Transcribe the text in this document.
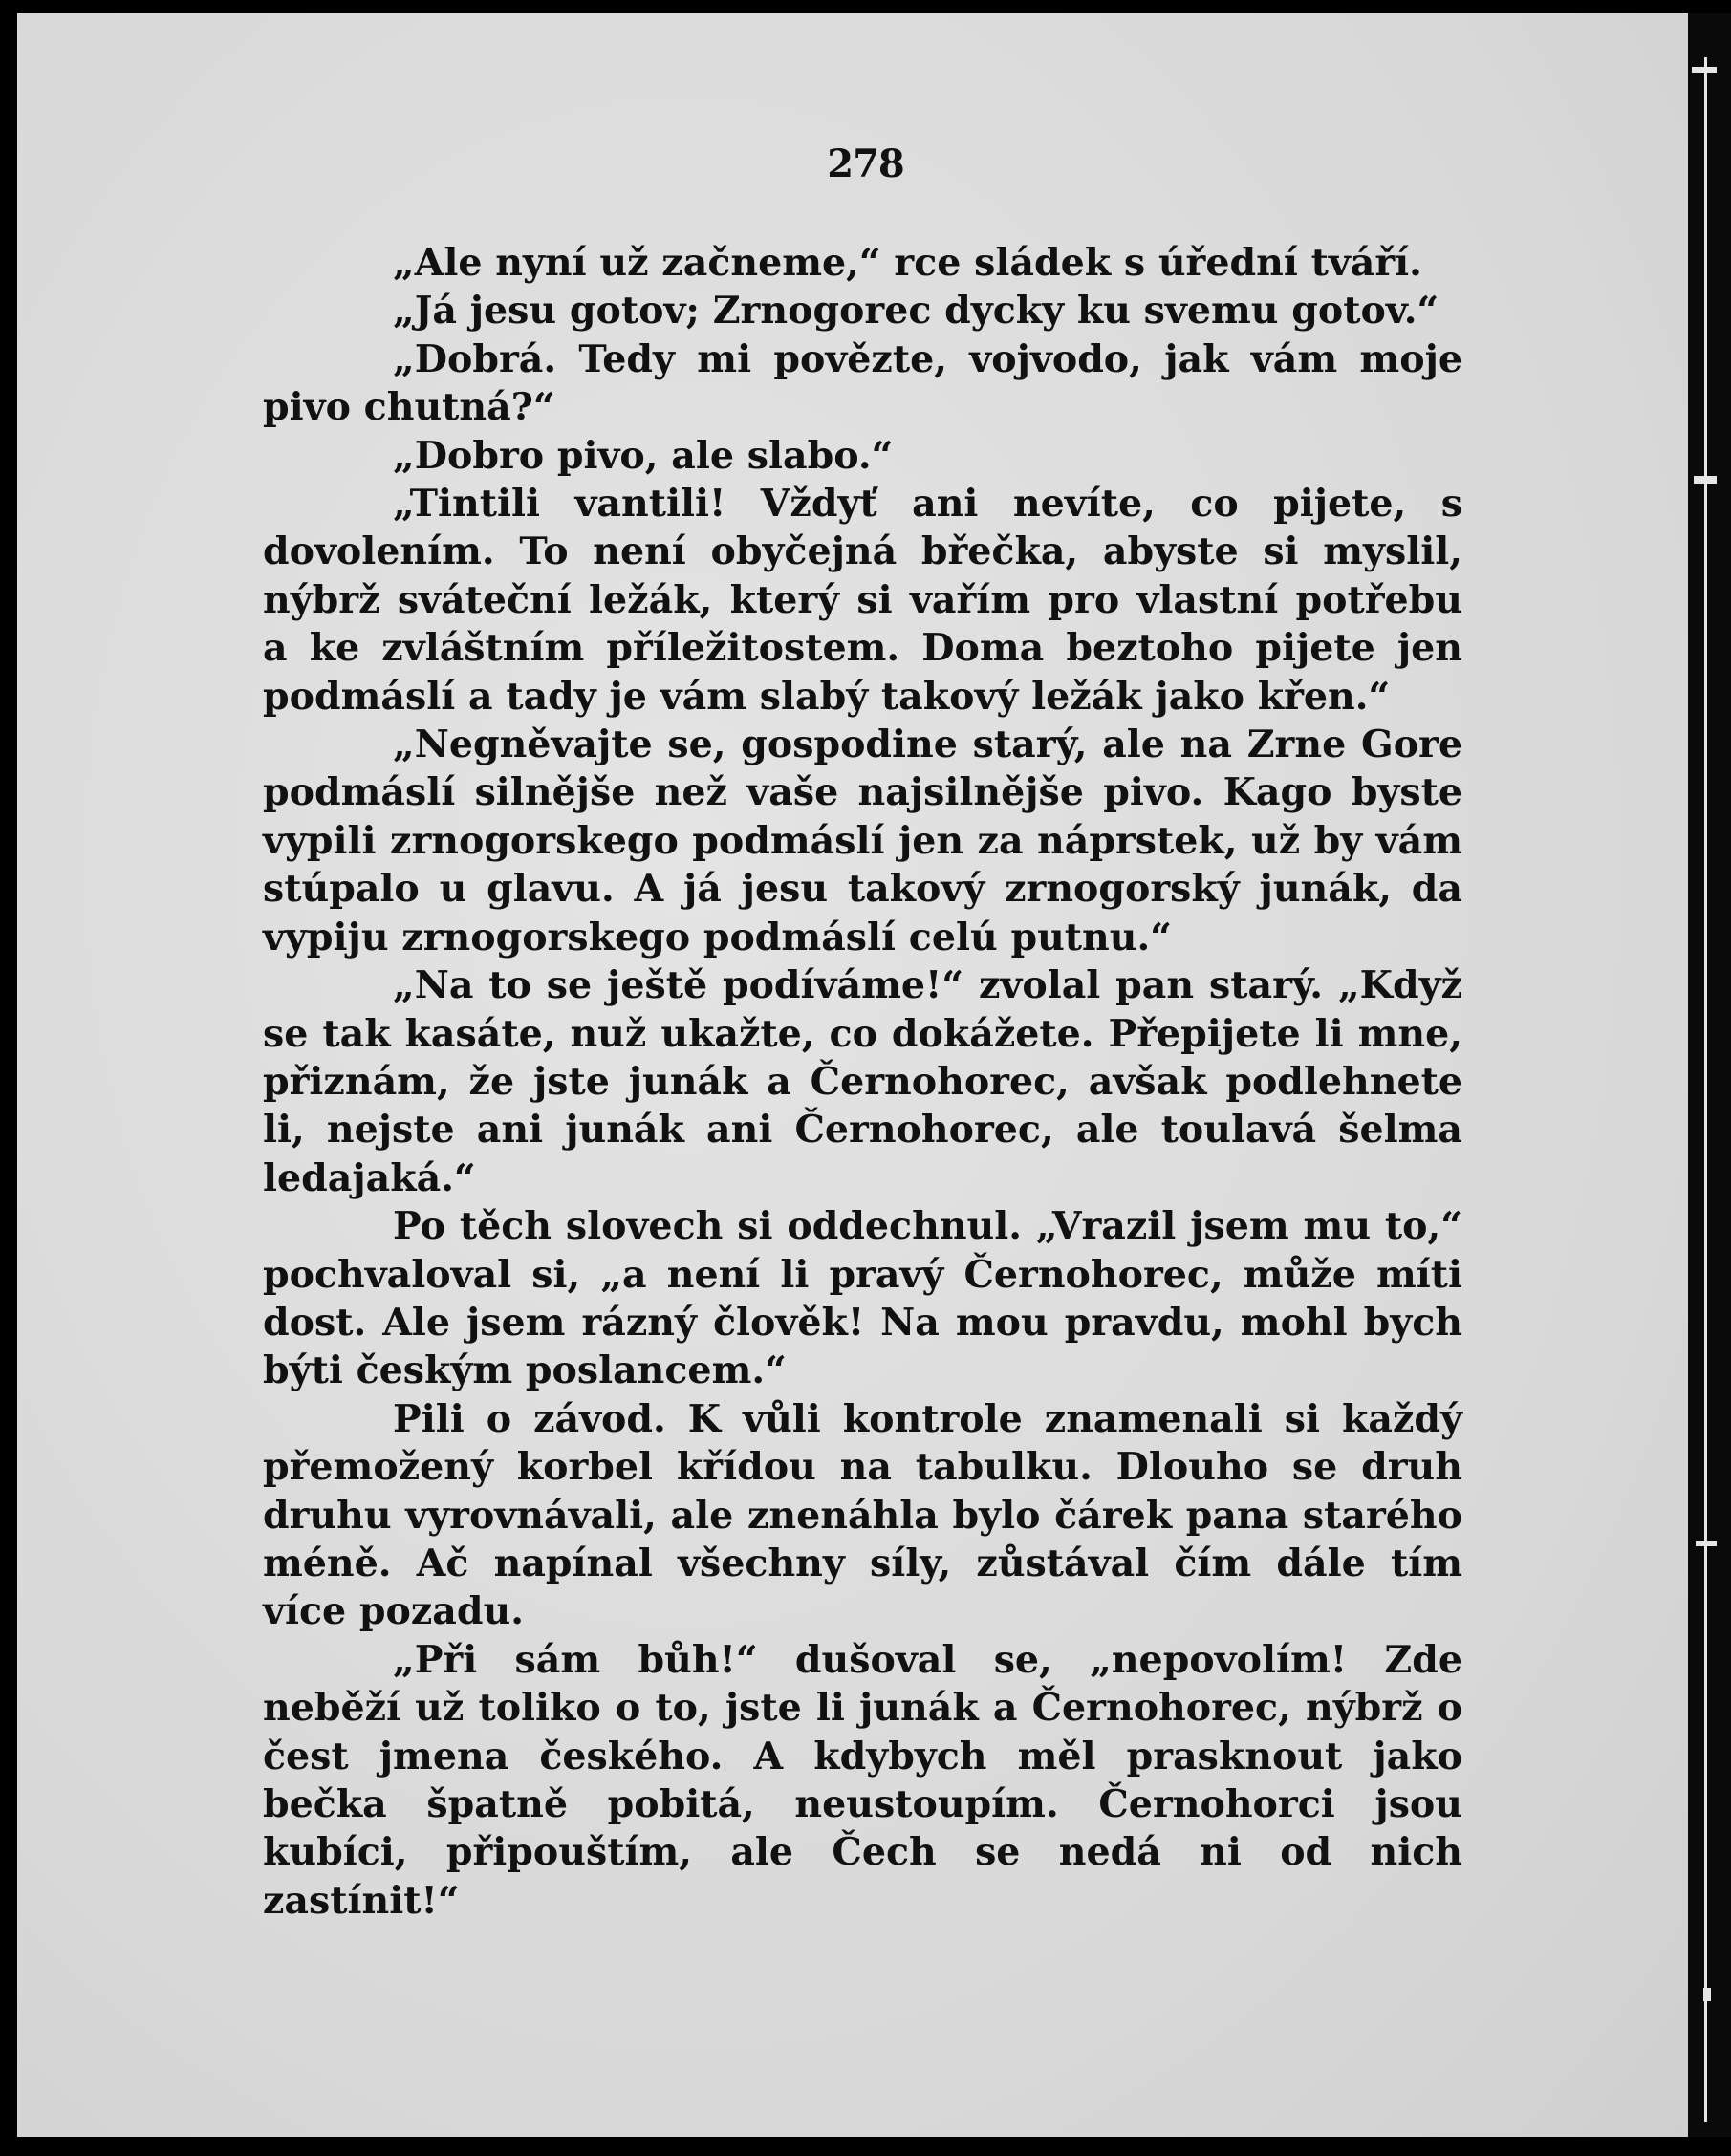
278

„Ale nyní už začneme,“ rce sládek s úřední tváří.

„Já jesu gotov; Zrnogorec dycky ku svemu gotov.“

„Dobrá. Tedy mi povězte, vojvodo, jak vám moje pivo chutná?“

„Dobro pivo, ale slabo.“

„Tintili vantili! Vždyť ani nevíte, co pijete, s dovolením. To není obyčejná břečka, abyste si myslil, nýbrž sváteční ležák, který si vařím pro vlastní potřebu a ke zvláštním příležitostem. Doma beztoho pijete jen podmáslí a tady je vám slabý takový ležák jako křen.“

„Negněvajte se, gospodine starý, ale na Zrne Gore podmáslí silnějše než vaše najsilnějše pivo. Kago byste vypili zrnogorskego podmáslí jen za náprstek, už by vám stúpalo u glavu. A já jesu takový zrnogorský junák, da vypiju zrnogorskego podmáslí celú putnu.“

„Na to se ještě podíváme!“ zvolal pan starý. „Když se tak kasáte, nuž ukažte, co dokážete. Přepijete li mne, přiznám, že jste junák a Černohorec, avšak podlehnete li, nejste ani junák ani Černohorec, ale toulavá šelma ledajaká.“

Po těch slovech si oddechnul. „Vrazil jsem mu to,“ pochvaloval si, „a není li pravý Černohorec, může míti dost. Ale jsem rázný člověk! Na mou pravdu, mohl bych býti českým poslancem.“

Pili o závod. K vůli kontrole znamenali si každý přemožený korbel křídou na tabulku. Dlouho se druh druhu vyrovnávali, ale znenáhla bylo čárek pana starého méně. Ač napínal všechny síly, zůstával čím dále tím více pozadu.

„Při sám bůh!“ dušoval se, „nepovolím! Zde neběží už toliko o to, jste li junák a Černohorec, nýbrž o čest jmena českého. A kdybych měl prasknout jako bečka špatně pobitá, neustoupím. Černohorci jsou kubíci, připouštím, ale Čech se nedá ni od nich zastínit!“
